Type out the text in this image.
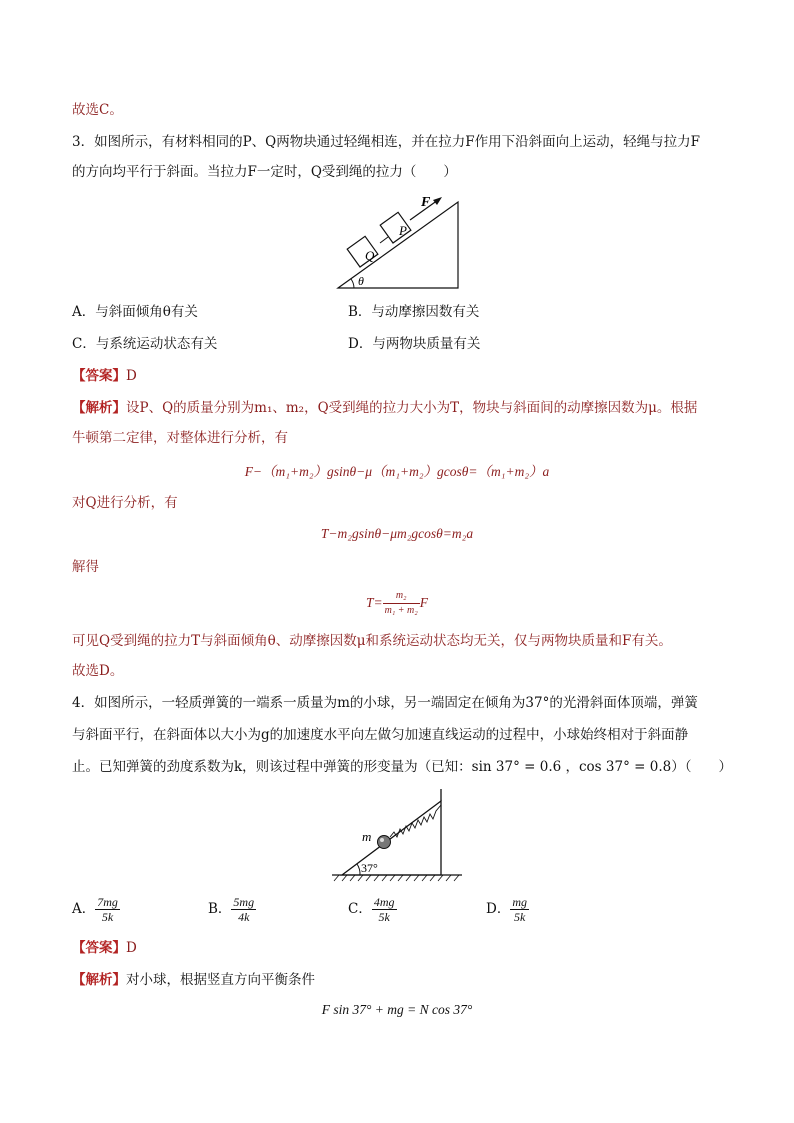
故选C。
3．如图所示，有材料相同的P、Q两物块通过轻绳相连，并在拉力F作用下沿斜面向上运动，轻绳与拉力F
的方向均平行于斜面。当拉力F一定时，Q受到绳的拉力（　　）
F
P
Q
θ
A．与斜面倾角θ有关	B．与动摩擦因数有关
C．与系统运动状态有关	D．与两物块质量有关
【答案】D
【解析】设P、Q的质量分别为m₁、m₂，Q受到绳的拉力大小为T，物块与斜面间的动摩擦因数为μ。根据
牛顿第二定律，对整体进行分析，有
F−（m₁+m₂）gsinθ−μ（m₁+m₂）gcosθ=（m₁+m₂）a
对Q进行分析，有
T−m₂gsinθ−μm₂gcosθ=m₂a
解得
$T= \frac{\text{m₂}}{\text{m₁ + m₂}}$ F
可见Q受到绳的拉力T与斜面倾角θ、动摩擦因数μ和系统运动状态均无关，仅与两物块质量和F有关。
故选D。
4．如图所示，一轻质弹簧的一端系一质量为m的小球，另一端固定在倾角为37°的光滑斜面体顶端，弹簧
与斜面平行，在斜面体以大小为g的加速度水平向左做匀加速直线运动的过程中，小球始终相对于斜面静
止。已知弹簧的劲度系数为k，则该过程中弹簧的形变量为（已知：sin 37° = 0.6 ，cos 37° = 0.8）（　　）
m
37°
A． $\frac{7mg}{5k}$	B． $\frac{5mg}{4k}$	C． $\frac{4mg}{5k}$	D． $\frac{mg}{5k}$
【答案】D
【解析】对小球，根据竖直方向平衡条件
F sin 37° + mg = N cos 37°
